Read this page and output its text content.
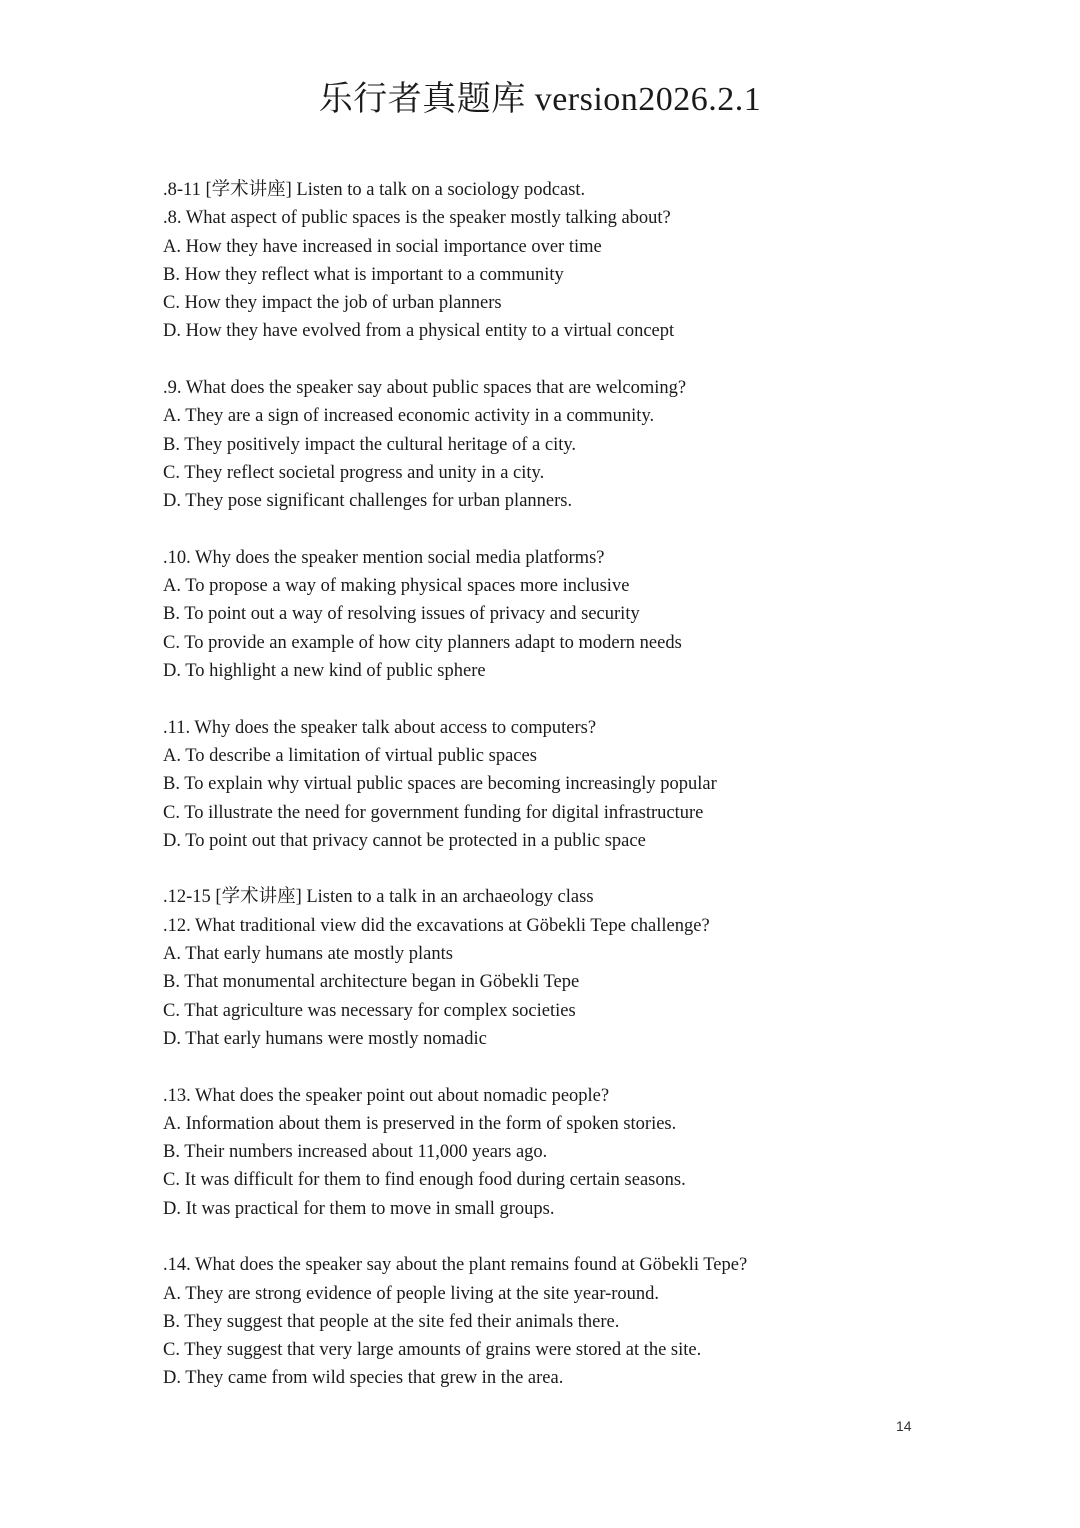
乐行者真题库 version2026.2.1
.8-11 [学术讲座] Listen to a talk on a sociology podcast.
.8. What aspect of public spaces is the speaker mostly talking about?
A. How they have increased in social importance over time
B. How they reflect what is important to a community
C. How they impact the job of urban planners
D. How they have evolved from a physical entity to a virtual concept
.9. What does the speaker say about public spaces that are welcoming?
A. They are a sign of increased economic activity in a community.
B. They positively impact the cultural heritage of a city.
C. They reflect societal progress and unity in a city.
D. They pose significant challenges for urban planners.
.10. Why does the speaker mention social media platforms?
A. To propose a way of making physical spaces more inclusive
B. To point out a way of resolving issues of privacy and security
C. To provide an example of how city planners adapt to modern needs
D. To highlight a new kind of public sphere
.11. Why does the speaker talk about access to computers?
A. To describe a limitation of virtual public spaces
B. To explain why virtual public spaces are becoming increasingly popular
C. To illustrate the need for government funding for digital infrastructure
D. To point out that privacy cannot be protected in a public space
.12-15 [学术讲座] Listen to a talk in an archaeology class
.12. What traditional view did the excavations at Göbekli Tepe challenge?
A. That early humans ate mostly plants
B. That monumental architecture began in Göbekli Tepe
C. That agriculture was necessary for complex societies
D. That early humans were mostly nomadic
.13. What does the speaker point out about nomadic people?
A. Information about them is preserved in the form of spoken stories.
B. Their numbers increased about 11,000 years ago.
C. It was difficult for them to find enough food during certain seasons.
D. It was practical for them to move in small groups.
.14. What does the speaker say about the plant remains found at Göbekli Tepe?
A. They are strong evidence of people living at the site year-round.
B. They suggest that people at the site fed their animals there.
C. They suggest that very large amounts of grains were stored at the site.
D. They came from wild species that grew in the area.
14
